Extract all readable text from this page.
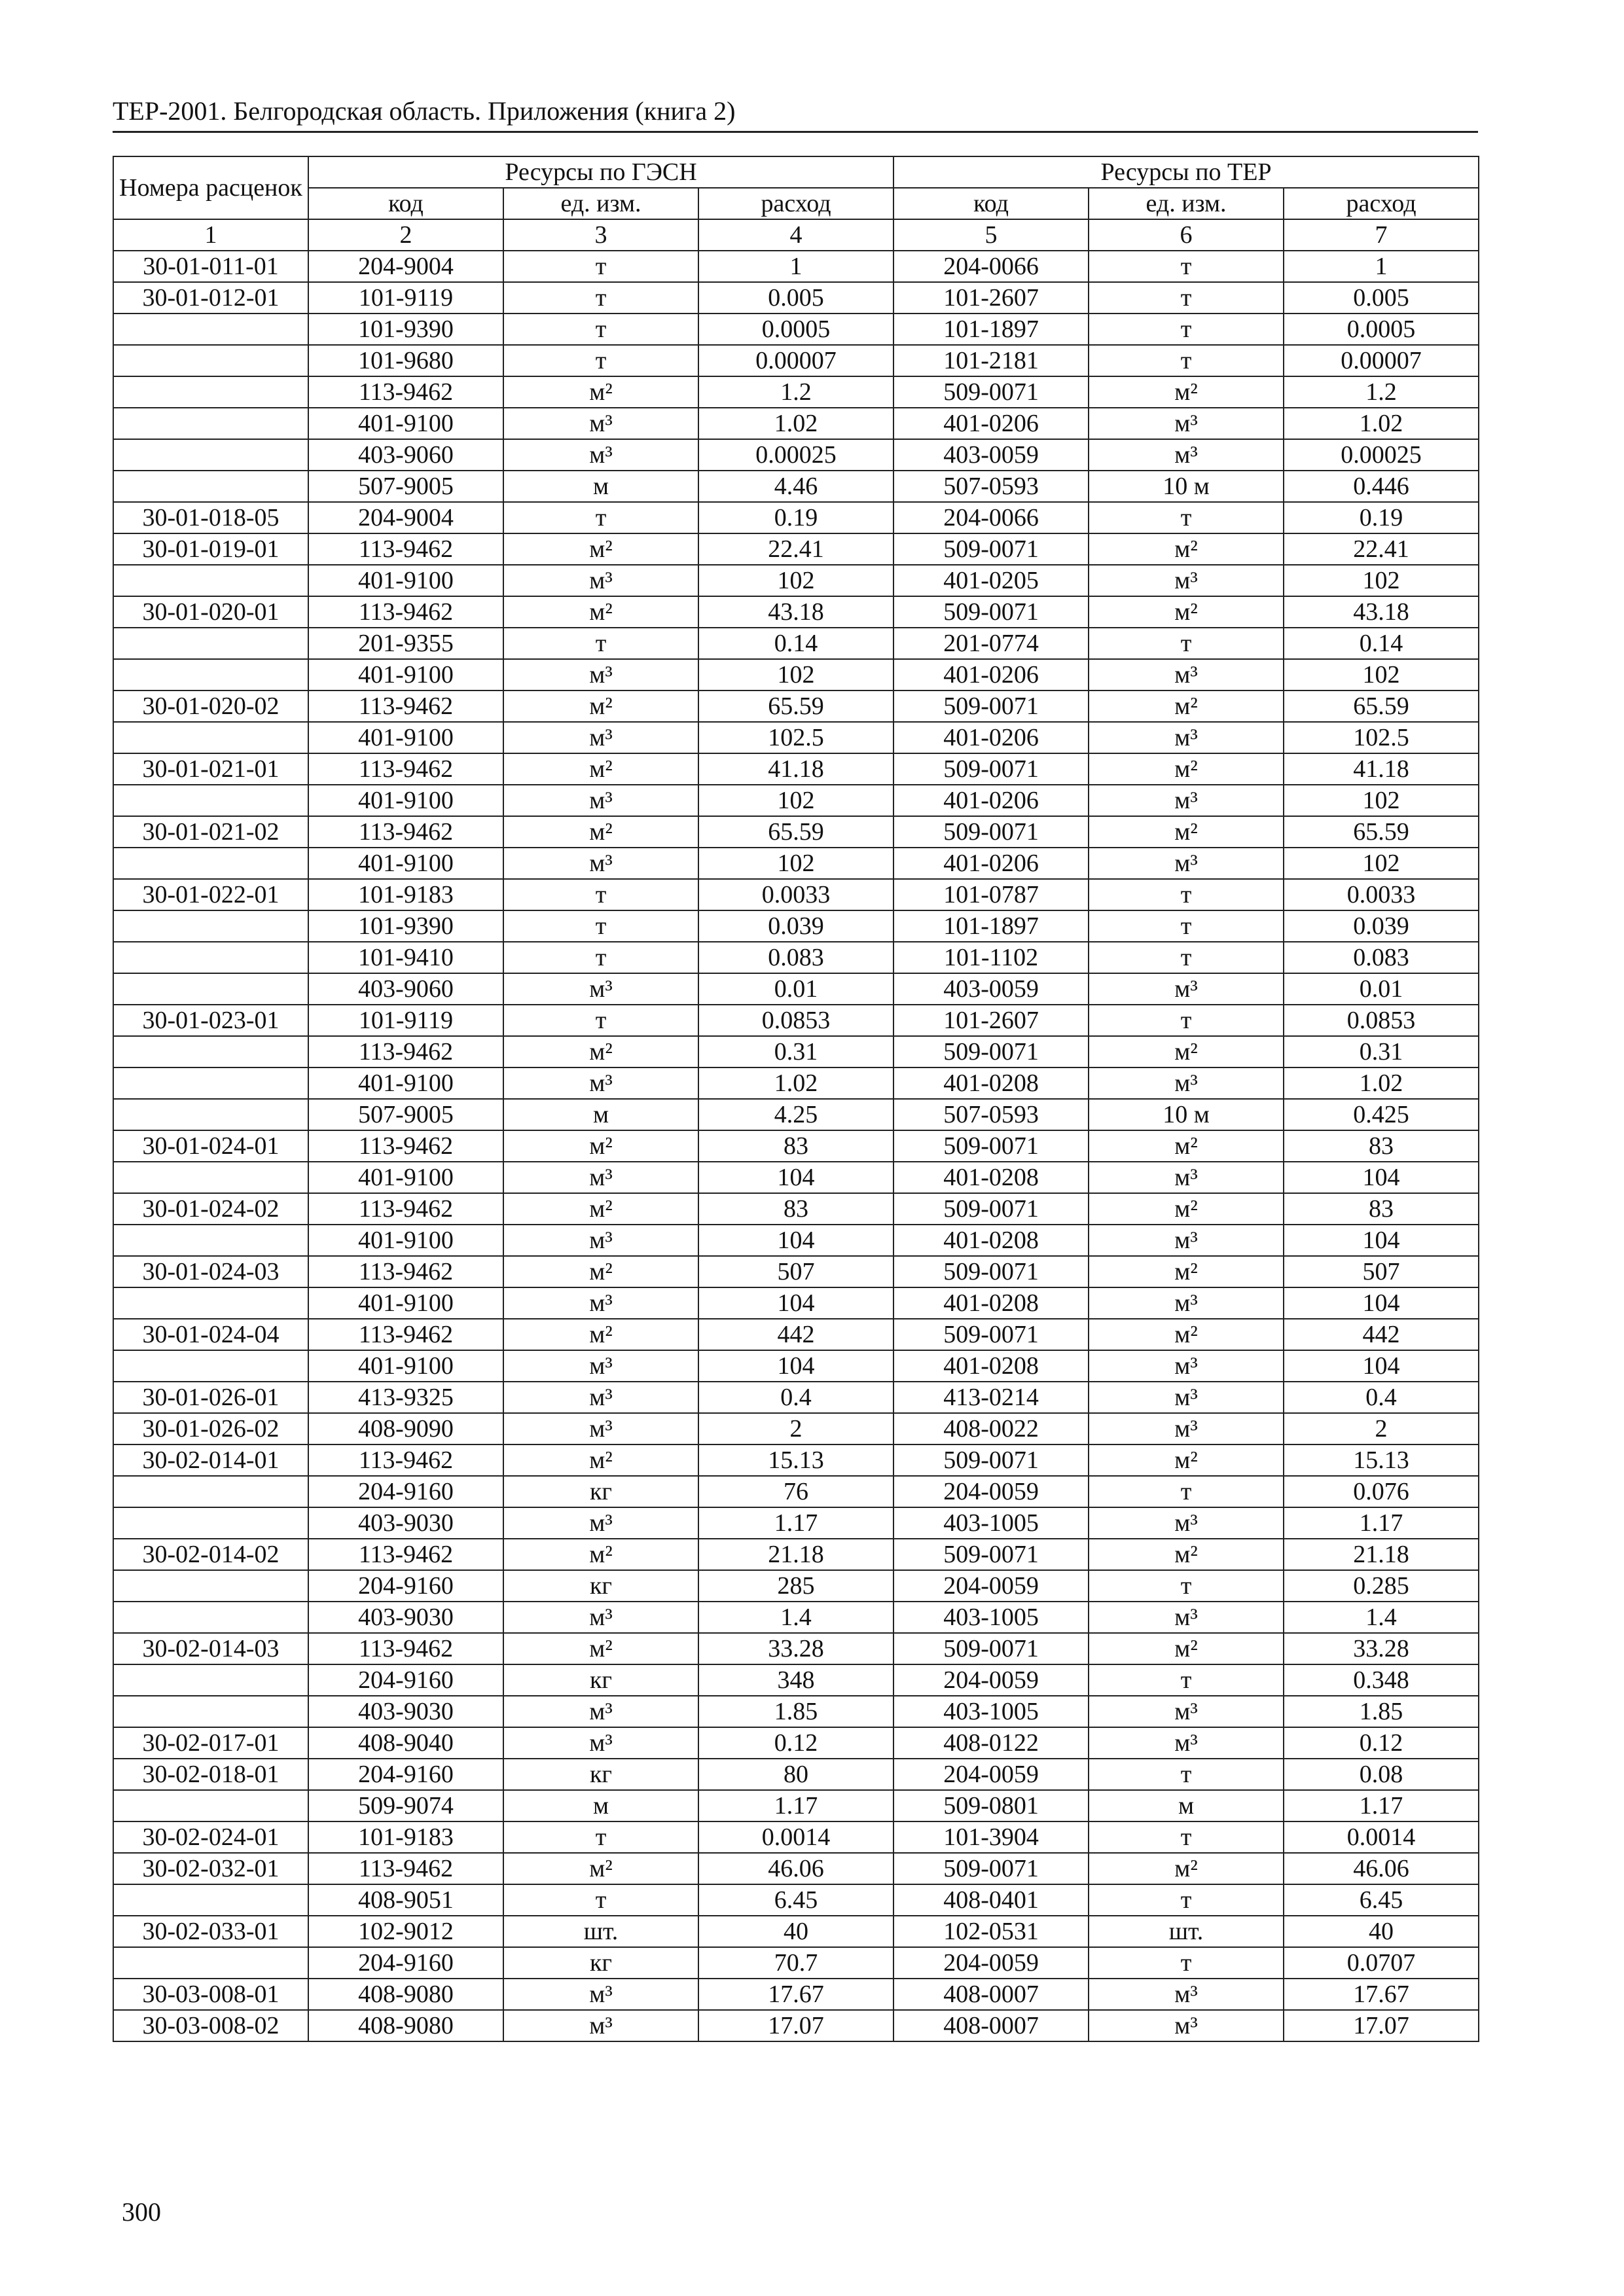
ТЕР-2001. Белгородская область. Приложения (книга 2)
Номера расценок	Ресурсы по ГЭСН			Ресурсы по ТЕР		
	код	ед. изм.	расход	код	ед. изм.	расход
1	2	3	4	5	6	7
30-01-011-01	204-9004	т	1	204-0066	т	1
30-01-012-01	101-9119	т	0.005	101-2607	т	0.005
	101-9390	т	0.0005	101-1897	т	0.0005
	101-9680	т	0.00007	101-2181	т	0.00007
	113-9462	м²	1.2	509-0071	м²	1.2
	401-9100	м³	1.02	401-0206	м³	1.02
	403-9060	м³	0.00025	403-0059	м³	0.00025
	507-9005	м	4.46	507-0593	10 м	0.446
30-01-018-05	204-9004	т	0.19	204-0066	т	0.19
30-01-019-01	113-9462	м²	22.41	509-0071	м²	22.41
	401-9100	м³	102	401-0205	м³	102
30-01-020-01	113-9462	м²	43.18	509-0071	м²	43.18
	201-9355	т	0.14	201-0774	т	0.14
	401-9100	м³	102	401-0206	м³	102
30-01-020-02	113-9462	м²	65.59	509-0071	м²	65.59
	401-9100	м³	102.5	401-0206	м³	102.5
30-01-021-01	113-9462	м²	41.18	509-0071	м²	41.18
	401-9100	м³	102	401-0206	м³	102
30-01-021-02	113-9462	м²	65.59	509-0071	м²	65.59
	401-9100	м³	102	401-0206	м³	102
30-01-022-01	101-9183	т	0.0033	101-0787	т	0.0033
	101-9390	т	0.039	101-1897	т	0.039
	101-9410	т	0.083	101-1102	т	0.083
	403-9060	м³	0.01	403-0059	м³	0.01
30-01-023-01	101-9119	т	0.0853	101-2607	т	0.0853
	113-9462	м²	0.31	509-0071	м²	0.31
	401-9100	м³	1.02	401-0208	м³	1.02
	507-9005	м	4.25	507-0593	10 м	0.425
30-01-024-01	113-9462	м²	83	509-0071	м²	83
	401-9100	м³	104	401-0208	м³	104
30-01-024-02	113-9462	м²	83	509-0071	м²	83
	401-9100	м³	104	401-0208	м³	104
30-01-024-03	113-9462	м²	507	509-0071	м²	507
	401-9100	м³	104	401-0208	м³	104
30-01-024-04	113-9462	м²	442	509-0071	м²	442
	401-9100	м³	104	401-0208	м³	104
30-01-026-01	413-9325	м³	0.4	413-0214	м³	0.4
30-01-026-02	408-9090	м³	2	408-0022	м³	2
30-02-014-01	113-9462	м²	15.13	509-0071	м²	15.13
	204-9160	кг	76	204-0059	т	0.076
	403-9030	м³	1.17	403-1005	м³	1.17
30-02-014-02	113-9462	м²	21.18	509-0071	м²	21.18
	204-9160	кг	285	204-0059	т	0.285
	403-9030	м³	1.4	403-1005	м³	1.4
30-02-014-03	113-9462	м²	33.28	509-0071	м²	33.28
	204-9160	кг	348	204-0059	т	0.348
	403-9030	м³	1.85	403-1005	м³	1.85
30-02-017-01	408-9040	м³	0.12	408-0122	м³	0.12
30-02-018-01	204-9160	кг	80	204-0059	т	0.08
	509-9074	м	1.17	509-0801	м	1.17
30-02-024-01	101-9183	т	0.0014	101-3904	т	0.0014
30-02-032-01	113-9462	м²	46.06	509-0071	м²	46.06
	408-9051	т	6.45	408-0401	т	6.45
30-02-033-01	102-9012	шт.	40	102-0531	шт.	40
	204-9160	кг	70.7	204-0059	т	0.0707
30-03-008-01	408-9080	м³	17.67	408-0007	м³	17.67
30-03-008-02	408-9080	м³	17.07	408-0007	м³	17.07
300
